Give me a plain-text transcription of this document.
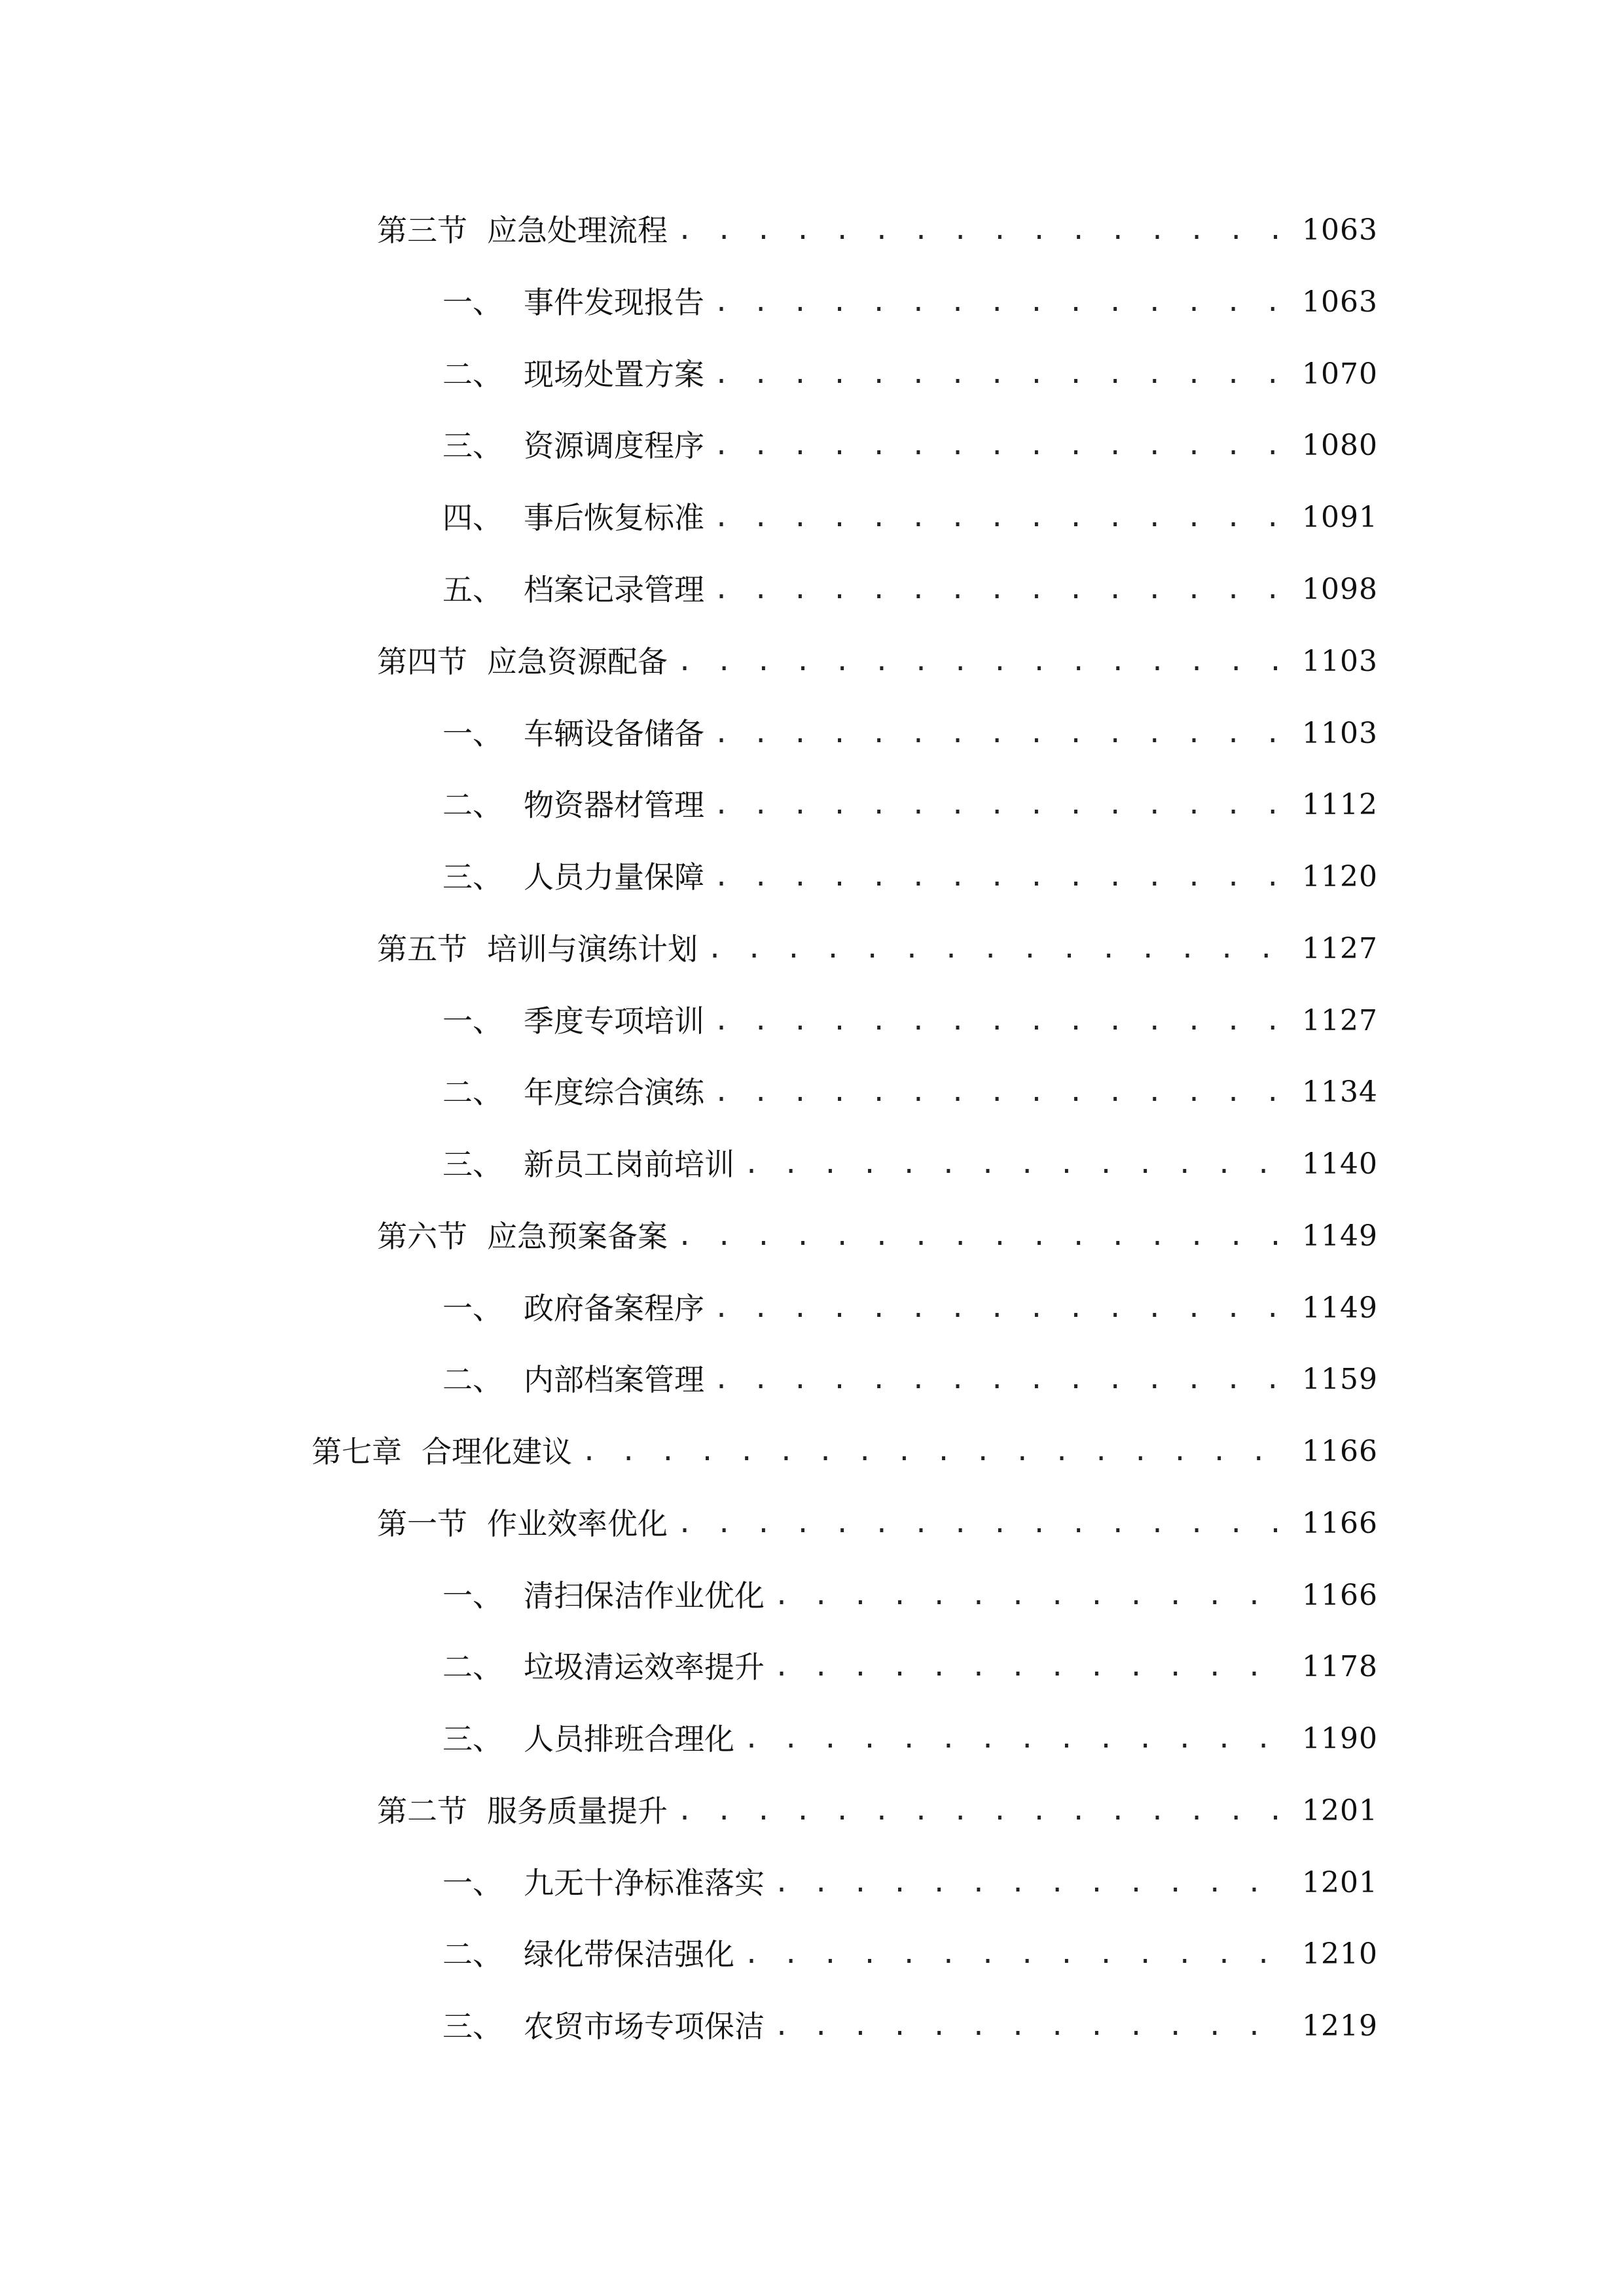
第三节 应急处理流程 . . .	1063
一、 事件发现报告 . . .	1063
二、 现场处置方案 . . .	1070
三、 资源调度程序 . . .	1080
四、 事后恢复标准 . . .	1091
五、 档案记录管理 . . .	1098
第四节 应急资源配备 . . .	1103
一、 车辆设备储备 . . .	1103
二、 物资器材管理 . . .	1112
三、 人员力量保障 . . .	1120
第五节 培训与演练计划 . . .	1127
一、 季度专项培训 . . .	1127
二、 年度综合演练 . . .	1134
三、 新员工岗前培训 . . .	1140
第六节 应急预案备案 . . .	1149
一、 政府备案程序 . . .	1149
二、 内部档案管理 . . .	1159
第七章 合理化建议 . . .	1166
第一节 作业效率优化 . . .	1166
一、 清扫保洁作业优化 . . .	1166
二、 垃圾清运效率提升 . . .	1178
三、 人员排班合理化 . . .	1190
第二节 服务质量提升 . . .	1201
一、 九无十净标准落实 . . .	1201
二、 绿化带保洁强化 . . .	1210
三、 农贸市场专项保洁 . . .	1219
